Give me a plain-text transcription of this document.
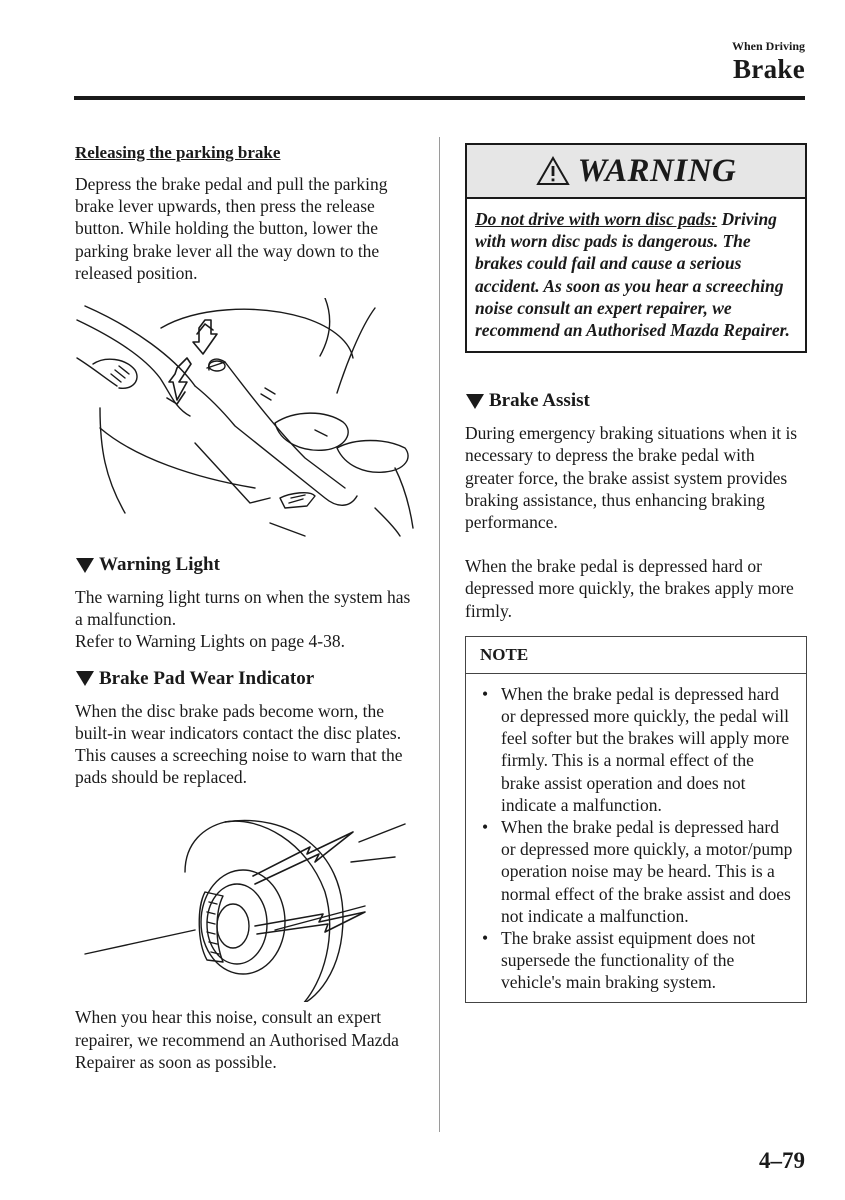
When Driving
Brake

Releasing the parking brake

Depress the brake pedal and pull the parking brake lever upwards, then press the release button. While holding the button, lower the parking brake lever all the way down to the released position.

Warning Light

The warning light turns on when the system has a malfunction.

Refer to Warning Lights on page 4-38.

Brake Pad Wear Indicator

When the disc brake pads become worn, the built-in wear indicators contact the disc plates. This causes a screeching noise to warn that the pads should be replaced.

When you hear this noise, consult an expert repairer, we recommend an Authorised Mazda Repairer as soon as possible.

WARNING
Do not drive with worn disc pads: Driving with worn disc pads is dangerous. The brakes could fail and cause a serious accident. As soon as you hear a screeching noise consult an expert repairer, we recommend an Authorised Mazda Repairer.

Brake Assist

During emergency braking situations when it is necessary to depress the brake pedal with greater force, the brake assist system provides braking assistance, thus enhancing braking performance.

When the brake pedal is depressed hard or depressed more quickly, the brakes apply more firmly.

NOTE
• When the brake pedal is depressed hard or depressed more quickly, the pedal will feel softer but the brakes will apply more firmly. This is a normal effect of the brake assist operation and does not indicate a malfunction.
• When the brake pedal is depressed hard or depressed more quickly, a motor/pump operation noise may be heard. This is a normal effect of the brake assist and does not indicate a malfunction.
• The brake assist equipment does not supersede the functionality of the vehicle's main braking system.
4–79
